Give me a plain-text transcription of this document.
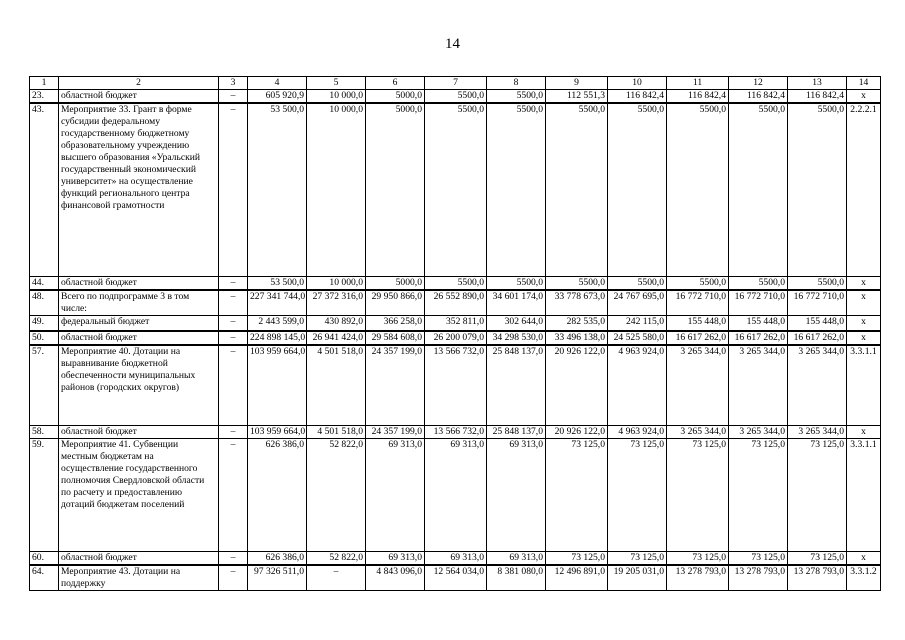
14
1	2	3	4	5	6	7	8	9	10	11	12	13	14
23.	областной бюджет	–	605 920,9	10 000,0	5000,0	5500,0	5500,0	112 551,3	116 842,4	116 842,4	116 842,4	116 842,4	x
43.	Мероприятие 33. Грант в форме субсидии федеральному государственному бюджетному образовательному учреждению высшего образования «Уральский государственный экономический университет» на осуществление функций регионального центра финансовой грамотности	–	53 500,0	10 000,0	5000,0	5500,0	5500,0	5500,0	5500,0	5500,0	5500,0	5500,0	2.2.2.1
44.	областной бюджет	–	53 500,0	10 000,0	5000,0	5500,0	5500,0	5500,0	5500,0	5500,0	5500,0	5500,0	x
48.	Всего по подпрограмме 3 в том числе:	–	227 341 744,0	27 372 316,0	29 950 866,0	26 552 890,0	34 601 174,0	33 778 673,0	24 767 695,0	16 772 710,0	16 772 710,0	16 772 710,0	x
49.	федеральный бюджет	–	2 443 599,0	430 892,0	366 258,0	352 811,0	302 644,0	282 535,0	242 115,0	155 448,0	155 448,0	155 448,0	x
50.	областной бюджет	–	224 898 145,0	26 941 424,0	29 584 608,0	26 200 079,0	34 298 530,0	33 496 138,0	24 525 580,0	16 617 262,0	16 617 262,0	16 617 262,0	x
57.	Мероприятие 40. Дотации на выравнивание бюджетной обеспеченности муниципальных районов (городских округов)	–	103 959 664,0	4 501 518,0	24 357 199,0	13 566 732,0	25 848 137,0	20 926 122,0	4 963 924,0	3 265 344,0	3 265 344,0	3 265 344,0	3.3.1.1
58.	областной бюджет	–	103 959 664,0	4 501 518,0	24 357 199,0	13 566 732,0	25 848 137,0	20 926 122,0	4 963 924,0	3 265 344,0	3 265 344,0	3 265 344,0	x
59.	Мероприятие 41. Субвенции местным бюджетам на осуществление государственного полномочия Свердловской области по расчету и предоставлению дотаций бюджетам поселений	–	626 386,0	52 822,0	69 313,0	69 313,0	69 313,0	73 125,0	73 125,0	73 125,0	73 125,0	73 125,0	3.3.1.1
60.	областной бюджет	–	626 386,0	52 822,0	69 313,0	69 313,0	69 313,0	73 125,0	73 125,0	73 125,0	73 125,0	73 125,0	x
64.	Мероприятие 43. Дотации на поддержку	–	97 326 511,0	–	4 843 096,0	12 564 034,0	8 381 080,0	12 496 891,0	19 205 031,0	13 278 793,0	13 278 793,0	13 278 793,0	3.3.1.2
